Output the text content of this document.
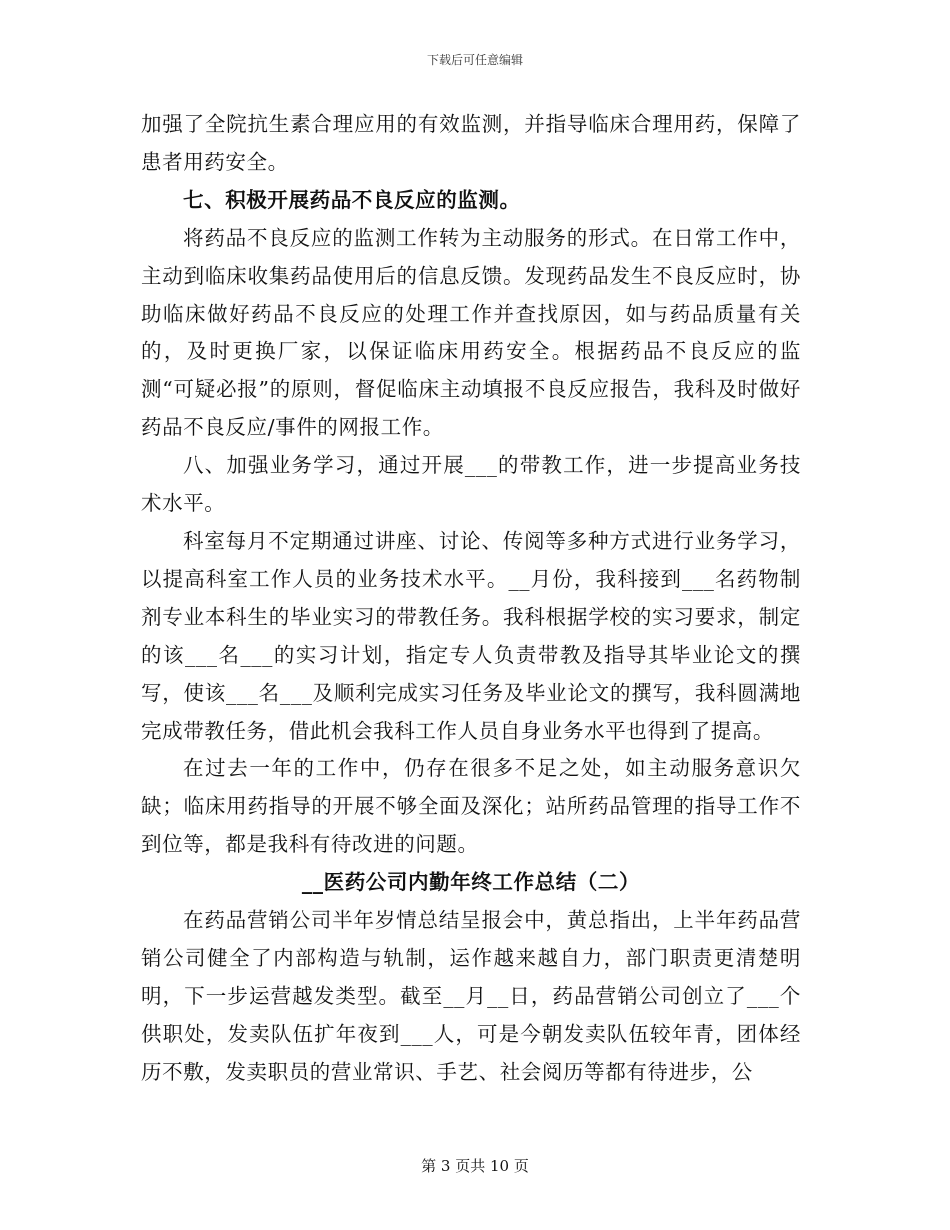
下载后可任意编辑

加强了全院抗生素合理应用的有效监测，并指导临床合理用药，保障了患者用药安全。

七、积极开展药品不良反应的监测。

将药品不良反应的监测工作转为主动服务的形式。在日常工作中，主动到临床收集药品使用后的信息反馈。发现药品发生不良反应时，协助临床做好药品不良反应的处理工作并查找原因，如与药品质量有关的，及时更换厂家，以保证临床用药安全。根据药品不良反应的监测“可疑必报”的原则，督促临床主动填报不良反应报告，我科及时做好药品不良反应/事件的网报工作。

八、加强业务学习，通过开展___的带教工作，进一步提高业务技术水平。

科室每月不定期通过讲座、讨论、传阅等多种方式进行业务学习，以提高科室工作人员的业务技术水平。__月份，我科接到___名药物制剂专业本科生的毕业实习的带教任务。我科根据学校的实习要求，制定的该___名___的实习计划，指定专人负责带教及指导其毕业论文的撰写，使该___名___及顺利完成实习任务及毕业论文的撰写，我科圆满地完成带教任务，借此机会我科工作人员自身业务水平也得到了提高。

在过去一年的工作中，仍存在很多不足之处，如主动服务意识欠缺；临床用药指导的开展不够全面及深化；站所药品管理的指导工作不到位等，都是我科有待改进的问题。

__医药公司内勤年终工作总结（二）

在药品营销公司半年岁情总结呈报会中，黄总指出，上半年药品营销公司健全了内部构造与轨制，运作越来越自力，部门职责更清楚明明，下一步运营越发类型。截至__月__日，药品营销公司创立了___个供职处，发卖队伍扩年夜到___人，可是今朝发卖队伍较年青，团体经历不敷，发卖职员的营业常识、手艺、社会阅历等都有待进步，公

第 3 页共 10 页
